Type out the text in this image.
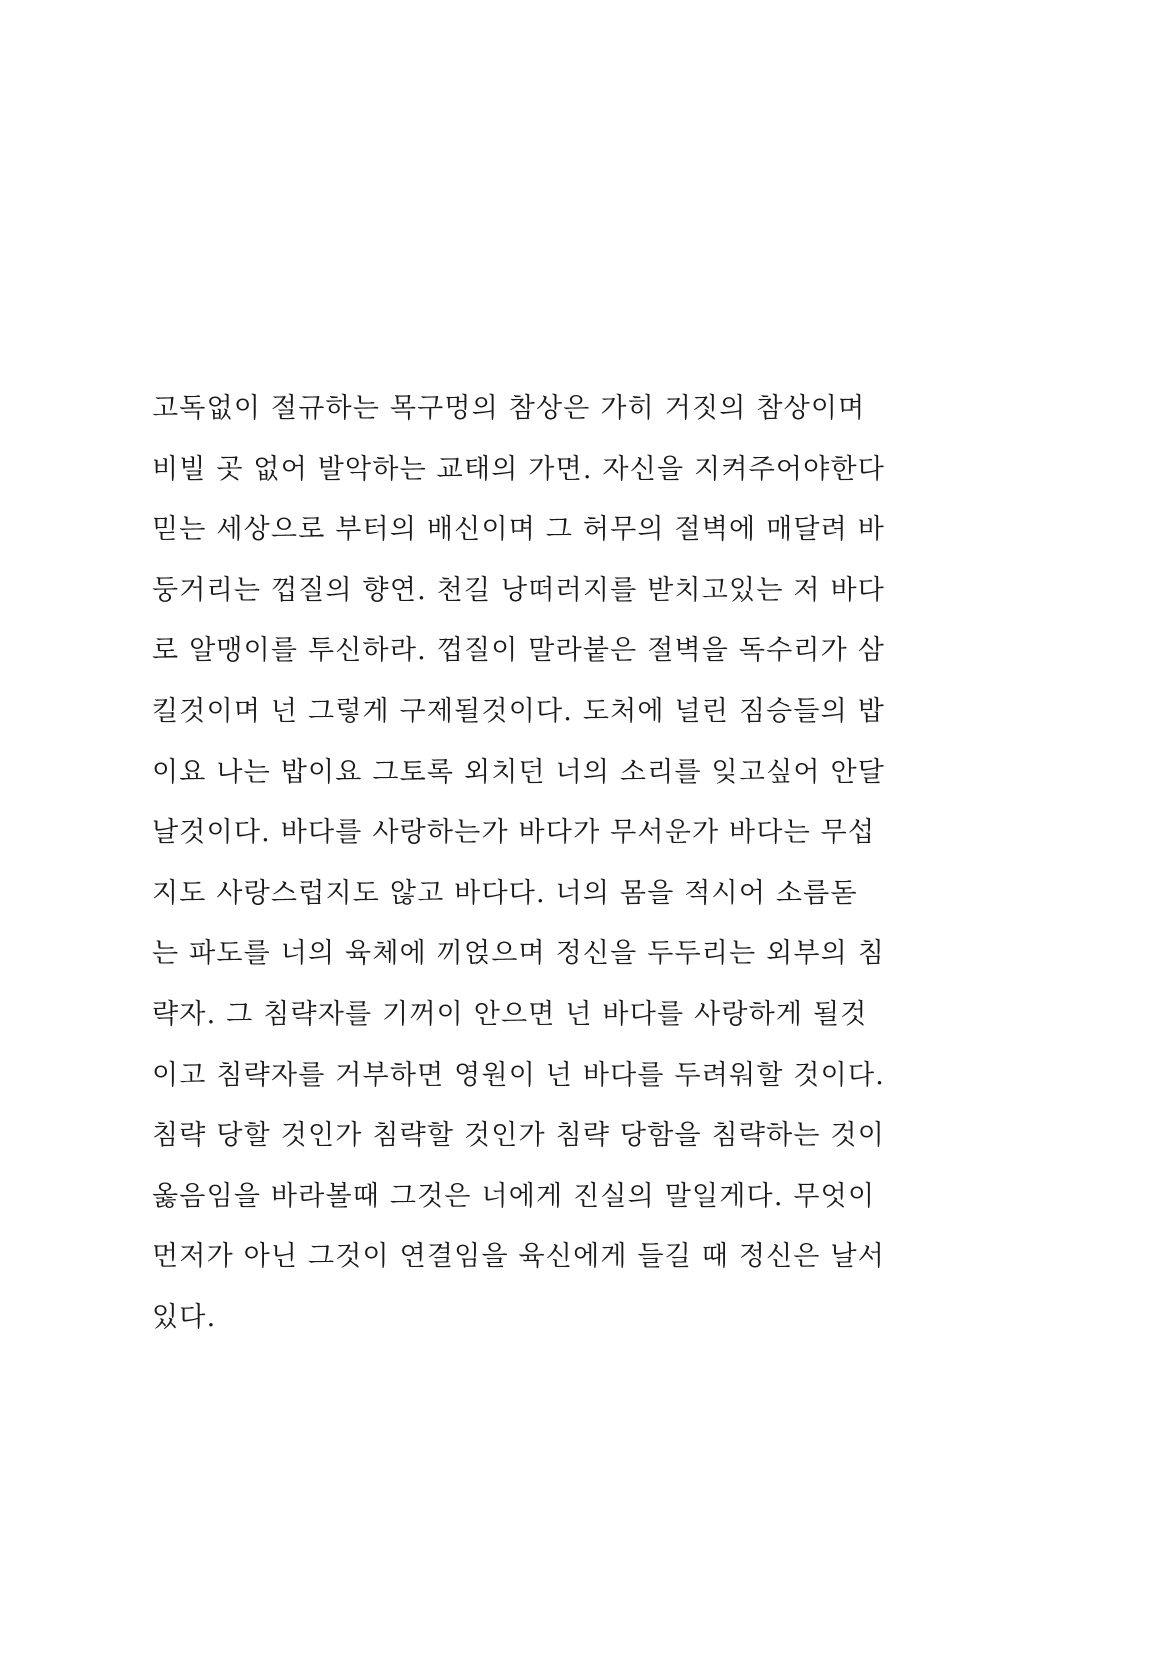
고독없이 절규하는 목구멍의 참상은 가히 거짓의 참상이며
비빌 곳 없어 발악하는 교태의 가면. 자신을 지켜주어야한다
믿는 세상으로 부터의 배신이며 그 허무의 절벽에 매달려 바
둥거리는 껍질의 향연. 천길 낭떠러지를 받치고있는 저 바다
로 알맹이를 투신하라. 껍질이 말라붙은 절벽을 독수리가 삼
킬것이며 넌 그렇게 구제될것이다. 도처에 널린 짐승들의 밥
이요 나는 밥이요 그토록 외치던 너의 소리를 잊고싶어 안달
날것이다. 바다를 사랑하는가 바다가 무서운가 바다는 무섭
지도 사랑스럽지도 않고 바다다. 너의 몸을 적시어 소름돋
는 파도를 너의 육체에 끼얹으며 정신을 두두리는 외부의 침
략자. 그 침략자를 기꺼이 안으면 넌 바다를 사랑하게 될것
이고 침략자를 거부하면 영원이 넌 바다를 두려워할 것이다.
침략 당할 것인가 침략할 것인가 침략 당함을 침략하는 것이
옳음임을 바라볼때 그것은 너에게 진실의 말일게다. 무엇이
먼저가 아닌 그것이 연결임을 육신에게 들길 때 정신은 날서
있다.
